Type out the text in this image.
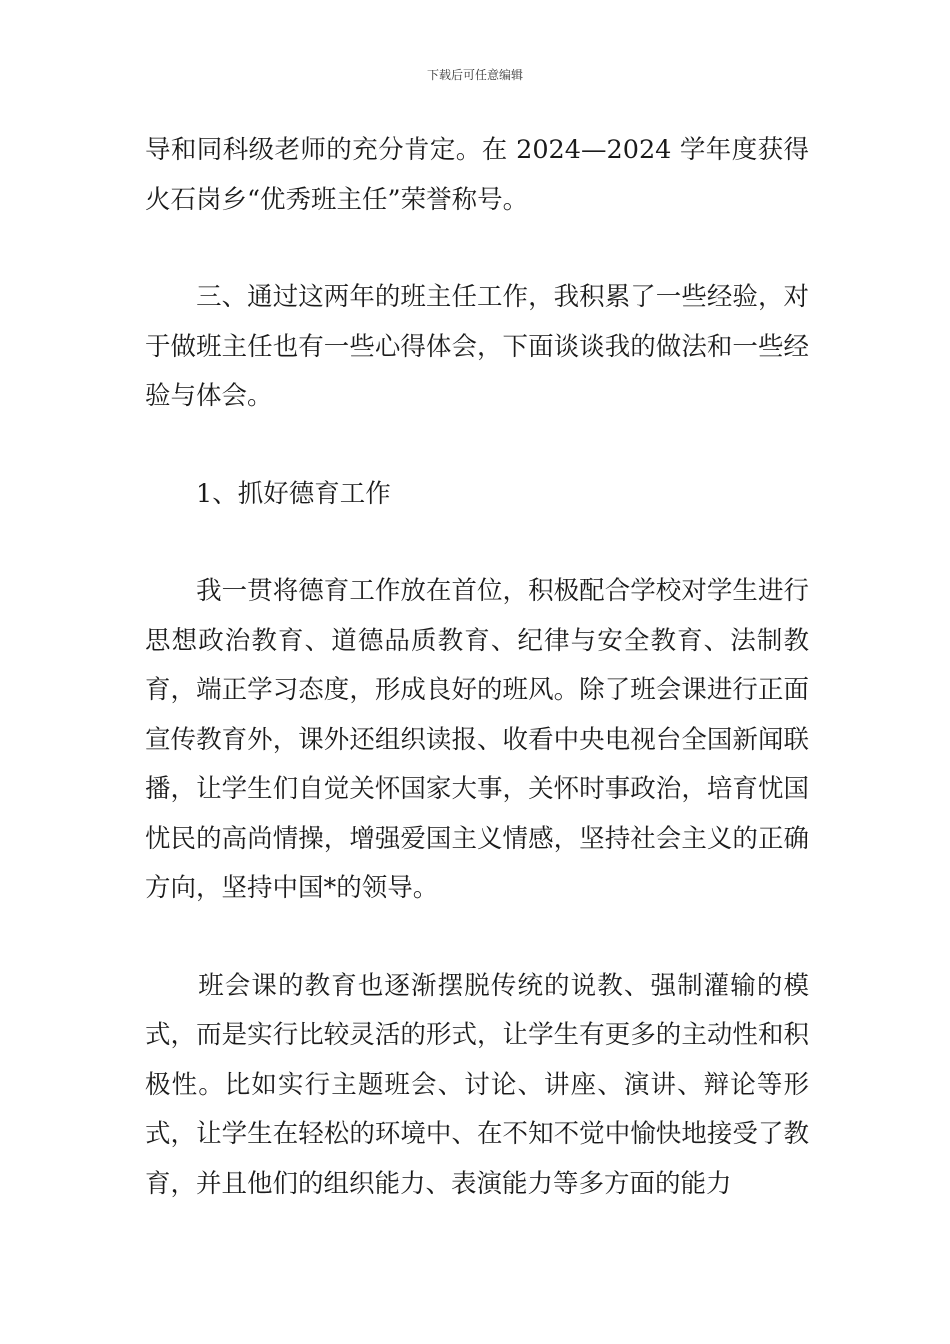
下载后可任意编辑

导和同科级老师的充分肯定。在 2024—2024 学年度获得火石岗乡“优秀班主任”荣誉称号。

　　三、通过这两年的班主任工作，我积累了一些经验，对于做班主任也有一些心得体会，下面谈谈我的做法和一些经验与体会。

　　1、抓好德育工作

　　我一贯将德育工作放在首位，积极配合学校对学生进行思想政治教育、道德品质教育、纪律与安全教育、法制教育，端正学习态度，形成良好的班风。除了班会课进行正面宣传教育外，课外还组织读报、收看中央电视台全国新闻联播，让学生们自觉关怀国家大事，关怀时事政治，培育忧国忧民的高尚情操，增强爱国主义情感，坚持社会主义的正确方向，坚持中国*的领导。

　　班会课的教育也逐渐摆脱传统的说教、强制灌输的模式，而是实行比较灵活的形式，让学生有更多的主动性和积极性。比如实行主题班会、讨论、讲座、演讲、辩论等形式，让学生在轻松的环境中、在不知不觉中愉快地接受了教育，并且他们的组织能力、表演能力等多方面的能力
